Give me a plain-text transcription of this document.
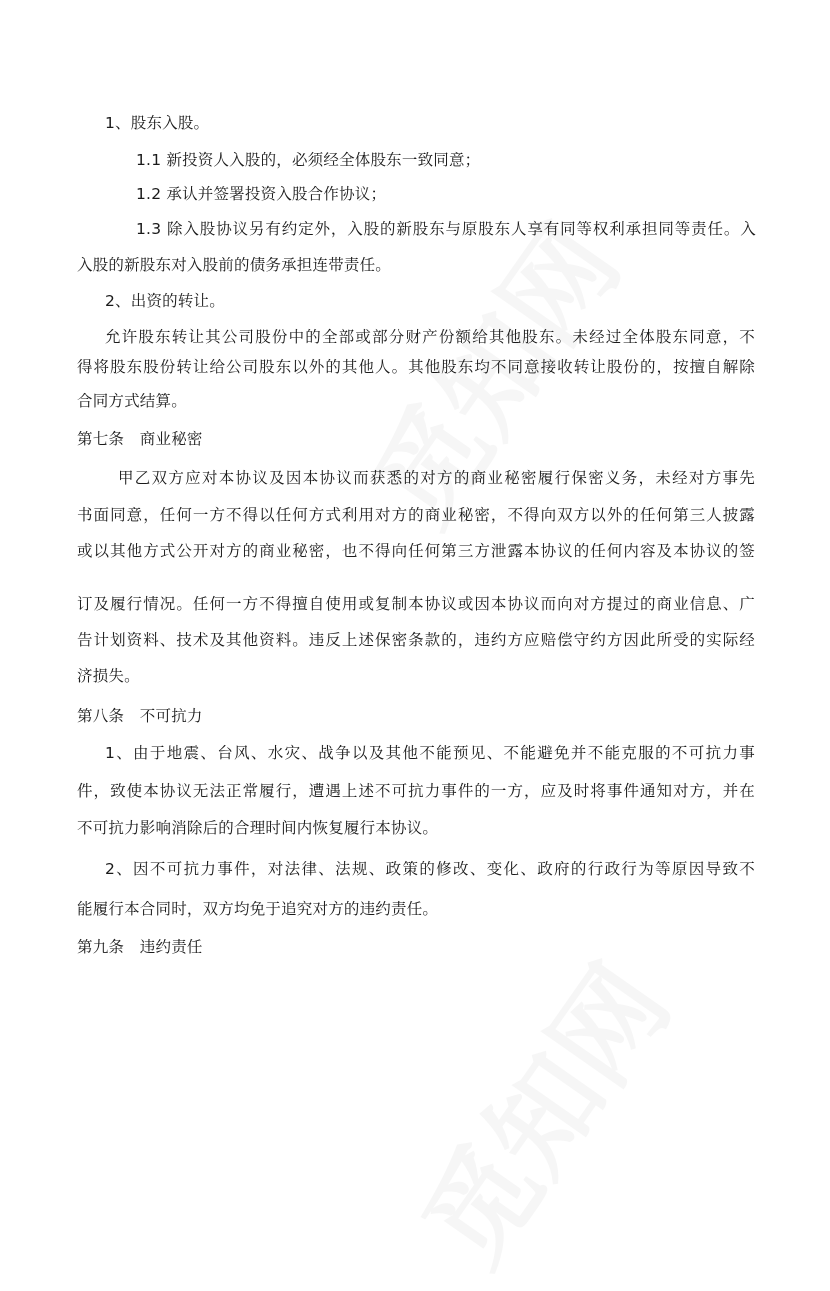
1、股东入股。
1.1 新投资人入股的，必须经全体股东一致同意；
1.2 承认并签署投资入股合作协议；
1.3 除入股协议另有约定外，入股的新股东与原股东人享有同等权利承担同等责任。入
入股的新股东对入股前的债务承担连带责任。
2、出资的转让。
允许股东转让其公司股份中的全部或部分财产份额给其他股东。未经过全体股东同意，不
得将股东股份转让给公司股东以外的其他人。其他股东均不同意接收转让股份的，按擅自解除
合同方式结算。
第七条　商业秘密
甲乙双方应对本协议及因本协议而获悉的对方的商业秘密履行保密义务，未经对方事先
书面同意，任何一方不得以任何方式利用对方的商业秘密，不得向双方以外的任何第三人披露
或以其他方式公开对方的商业秘密，也不得向任何第三方泄露本协议的任何内容及本协议的签
订及履行情况。任何一方不得擅自使用或复制本协议或因本协议而向对方提过的商业信息、广
告计划资料、技术及其他资料。违反上述保密条款的，违约方应赔偿守约方因此所受的实际经
济损失。
第八条　不可抗力
1、由于地震、台风、水灾、战争以及其他不能预见、不能避免并不能克服的不可抗力事
件，致使本协议无法正常履行，遭遇上述不可抗力事件的一方，应及时将事件通知对方，并在
不可抗力影响消除后的合理时间内恢复履行本协议。
2、因不可抗力事件，对法律、法规、政策的修改、变化、政府的行政行为等原因导致不
能履行本合同时，双方均免于追究对方的违约责任。
第九条　违约责任
